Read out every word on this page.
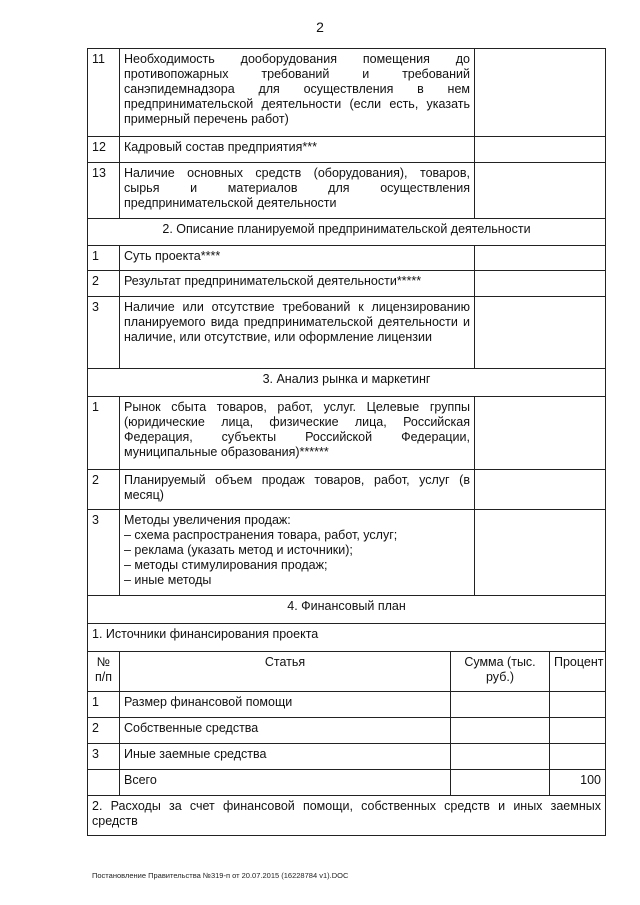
2
11	Необходимость дооборудования помещения до противопожарных требований и требований санэпидемнадзора для осуществления в нем предпринимательской деятельности (если есть, указать примерный перечень работ)			
12	Кадровый состав предприятия***			
13	Наличие основных средств (оборудования), товаров, сырья и материалов для осуществления предпринимательской деятельности			
2. Описание планируемой предпринимательской деятельности				
1	Суть проекта****			
2	Результат предпринимательской деятельности*****			
3	Наличие или отсутствие требований к лицензированию планируемого вида предпринимательской деятельности и наличие, или отсутствие, или оформление лицензии			
3. Анализ рынка и маркетинг				
1	Рынок сбыта товаров, работ, услуг. Целевые группы (юридические лица, физические лица, Российская Федерация, субъекты Российской Федерации, муниципальные образования)******			
2	Планируемый объем продаж товаров, работ, услуг (в месяц)			
3	Методы увеличения продаж:
– схема распространения товара, работ, услуг;
– реклама (указать метод и источники);
– методы стимулирования продаж;
– иные методы			

4. Финансовый план				
1. Источники финансирования проекта				
№ п/п	Статья	Сумма (тыс. руб.)		Процент
1	Размер финансовой помощи			
2	Собственные средства			
3	Иные заемные средства			
	Всего			100
2. Расходы за счет финансовой помощи, собственных средств и иных заемных средств				
Постановление Правительства №319-п от 20.07.2015 (16228784 v1).DOC
